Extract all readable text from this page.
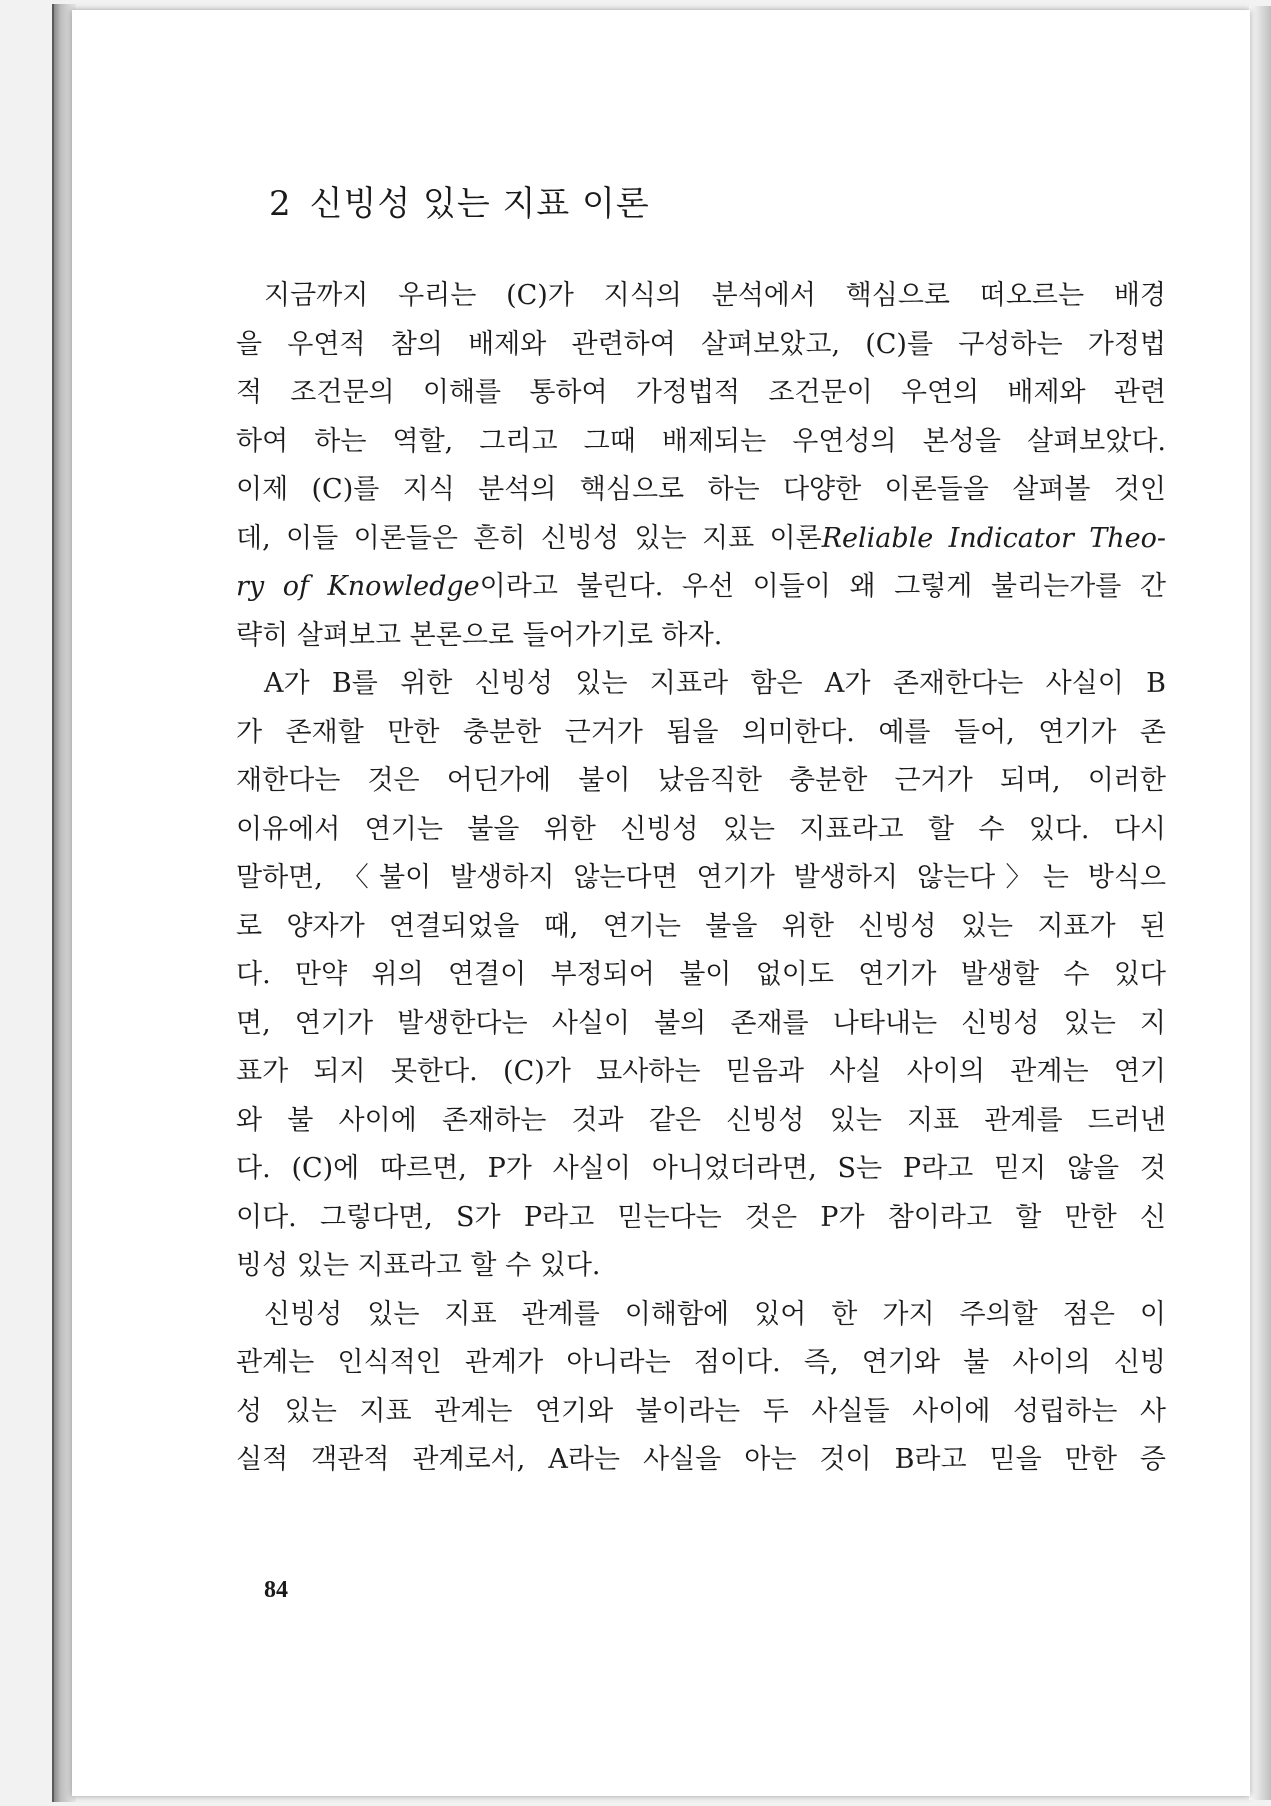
2 신빙성 있는 지표 이론
지금까지 우리는 (C)가 지식의 분석에서 핵심으로 떠오르는 배경
을 우연적 참의 배제와 관련하여 살펴보았고, (C)를 구성하는 가정법
적 조건문의 이해를 통하여 가정법적 조건문이 우연의 배제와 관련
하여 하는 역할, 그리고 그때 배제되는 우연성의 본성을 살펴보았다.
이제 (C)를 지식 분석의 핵심으로 하는 다양한 이론들을 살펴볼 것인
데, 이들 이론들은 흔히 신빙성 있는 지표 이론Reliable Indicator Theo-
ry of Knowledge이라고 불린다. 우선 이들이 왜 그렇게 불리는가를 간
략히 살펴보고 본론으로 들어가기로 하자.
A가 B를 위한 신빙성 있는 지표라 함은 A가 존재한다는 사실이 B
가 존재할 만한 충분한 근거가 됨을 의미한다. 예를 들어, 연기가 존
재한다는 것은 어딘가에 불이 났음직한 충분한 근거가 되며, 이러한
이유에서 연기는 불을 위한 신빙성 있는 지표라고 할 수 있다. 다시
말하면, 〈불이 발생하지 않는다면 연기가 발생하지 않는다〉는 방식으
로 양자가 연결되었을 때, 연기는 불을 위한 신빙성 있는 지표가 된
다. 만약 위의 연결이 부정되어 불이 없이도 연기가 발생할 수 있다
면, 연기가 발생한다는 사실이 불의 존재를 나타내는 신빙성 있는 지
표가 되지 못한다. (C)가 묘사하는 믿음과 사실 사이의 관계는 연기
와 불 사이에 존재하는 것과 같은 신빙성 있는 지표 관계를 드러낸
다. (C)에 따르면, P가 사실이 아니었더라면, S는 P라고 믿지 않을 것
이다. 그렇다면, S가 P라고 믿는다는 것은 P가 참이라고 할 만한 신
빙성 있는 지표라고 할 수 있다.
신빙성 있는 지표 관계를 이해함에 있어 한 가지 주의할 점은 이
관계는 인식적인 관계가 아니라는 점이다. 즉, 연기와 불 사이의 신빙
성 있는 지표 관계는 연기와 불이라는 두 사실들 사이에 성립하는 사
실적 객관적 관계로서, A라는 사실을 아는 것이 B라고 믿을 만한 증
84
